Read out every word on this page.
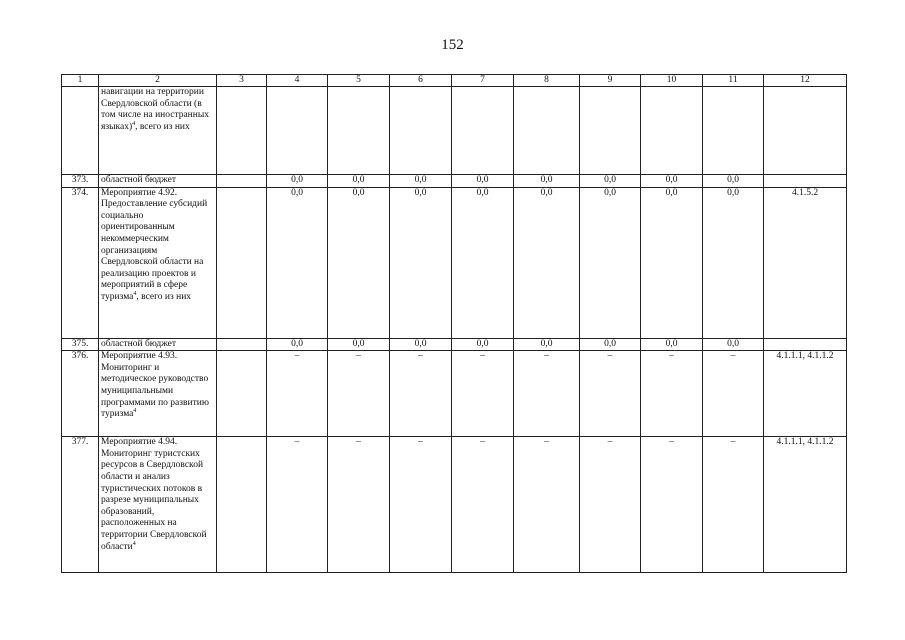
152
1	2	3	4	5	6	7	8	9	10	11	12
	навигации на территории Свердловской области (в том числе на иностранных языках)$^4$, всего из них										
373.	областной бюджет		0,0	0,0	0,0	0,0	0,0	0,0	0,0	0,0	
374.	Мероприятие 4.92. Предоставление субсидий социально ориентированным некоммерческим организациям Свердловской области на реализацию проектов и мероприятий в сфере туризма$^4$, всего из них		0,0	0,0	0,0	0,0	0,0	0,0	0,0	0,0	4.1.5.2
375.	областной бюджет		0,0	0,0	0,0	0,0	0,0	0,0	0,0	0,0	
376.	Мероприятие 4.93. Мониторинг и методическое руководство муниципальными программами по развитию туризма$^4$		–	–	–	–	–	–	–	–	4.1.1.1, 4.1.1.2
377.	Мероприятие 4.94. Мониторинг туристских ресурсов в Свердловской области и анализ туристических потоков в разрезе муниципальных образований, расположенных на территории Свердловской области$^4$		–	–	–	–	–	–	–	–	4.1.1.1, 4.1.1.2
